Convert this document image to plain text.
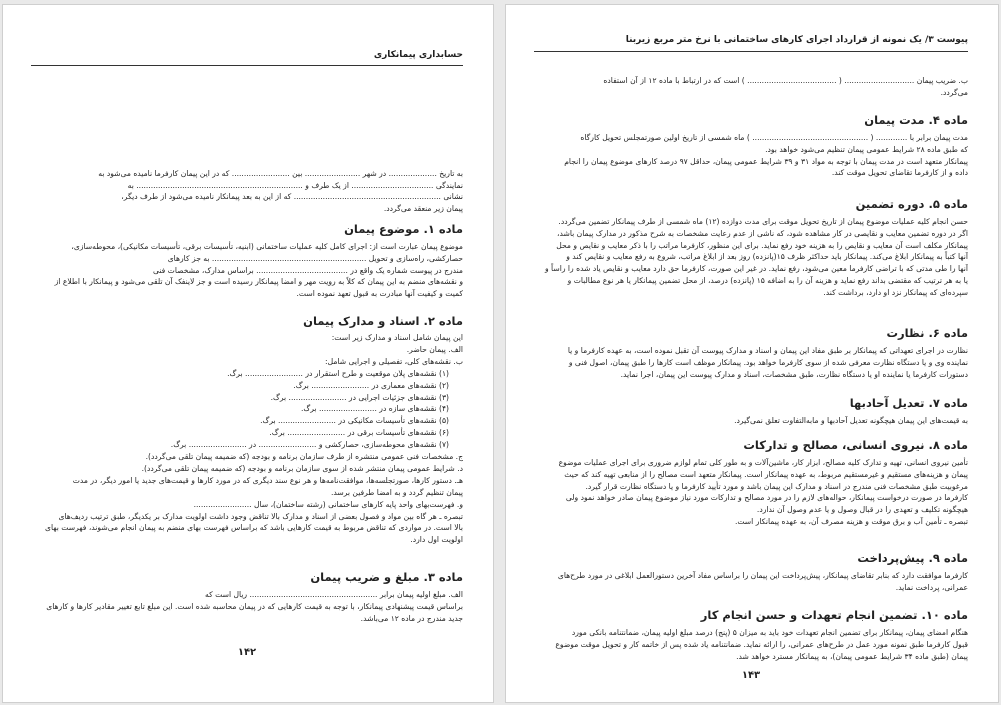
حسابداری پیمانکاری
به تاریخ .................... در شهر ....................... بین ........................ که در این پیمان کارفرما نامیده می‌شود به
نمایندگی .................................. از یک طرف و ..................................................................... به
نشانی ............................................................. که از این به بعد پیمانکار نامیده می‌شود از طرف دیگر،
پیمان زیر منعقد می‌گردد.
ماده ۱. موضوع پیمان
موضوع پیمان عبارت است از: اجرای کامل کلیه عملیات ساختمانی (ابنیه، تأسیسات برقی، تأسیسات مکانیکی)، محوطه‌سازی،
حصارکشی، راه‌سازی و تحویل ................................................................ به جز کارهای
مندرج در پیوست شماره یک واقع در ...................................... براساس مدارک، مشخصات فنی
و نقشه‌های منضم به این پیمان که کلاً به رویت مهر و امضا پیمانکار رسیده است و جز لاینفک آن تلقی می‌شود و پیمانکار با اطلاع از
کمیت و کیفیت آنها مبادرت به قبول تعهد نموده است.
ماده ۲. اسناد و مدارک پیمان
این پیمان شامل اسناد و مدارک زیر است:
الف. پیمان حاضر.
ب. نقشه‌های کلی، تفصیلی و اجرایی شامل:
(۱) نقشه‌های پلان موقعیت و طرح استقرار در ........................ برگ.
(۲) نقشه‌های معماری در ........................ برگ.
(۳) نقشه‌های جزئیات اجرایی در ........................ برگ.
(۴) نقشه‌های سازه در ........................ برگ.
(۵) نقشه‌های تأسیسات مکانیکی در ........................ برگ.
(۶) نقشه‌های تأسیسات برقی در ........................ برگ.
(۷) نقشه‌های محوطه‌سازی، حصارکشی و ........................ در ........................ برگ.
ج. مشخصات فنی عمومی منتشره از طرف سازمان برنامه و بودجه (که ضمیمه پیمان تلقی می‌گردد).
د. شرایط عمومی پیمان منتشر شده از سوی سازمان برنامه و بودجه (که ضمیمه پیمان تلقی می‌گردد).
هـ. دستور کارها، صورتجلسه‌ها، موافقت‌نامه‌ها و هر نوع سند دیگری که در مورد کارها و قیمت‌های جدید یا امور دیگر، در مدت
پیمان تنظیم گردد و به امضا طرفین برسد.
و. فهرست‌بهای واحد پایه کارهای ساختمانی (رشته ساختمان)، سال ........................
تبصره ـ هر گاه بین مواد و فصول بعضی از اسناد و مدارک بالا تناقض وجود داشت اولویت مدارک بر یکدیگر، طبق ترتیب ردیف‌های
بالا است. در مواردی که تناقض مربوط به قیمت کارهایی باشد که براساس فهرست بهای منضم به پیمان انجام می‌شوند، فهرست بهای
اولویت اول دارد.
ماده ۳. مبلغ و ضریب پیمان
الف. مبلغ اولیه پیمان برابر ..................................................... ریال است که
براساس قیمت پیشنهادی پیمانکار، با توجه به قیمت کارهایی که در پیمان محاسبه شده است. این مبلغ تابع تغییر مقادیر کارها و کارهای
جدید مندرج در ماده ۱۲ می‌باشد.
۱۴۲
پیوست ۳/ یک نمونه از قرارداد اجرای کارهای ساختمانی با نرخ متر مربع زیربنا
ب. ضریب پیمان ............................. ( ..................................... ) است که در ارتباط با ماده ۱۲ از آن استفاده
می‌گردد.
ماده ۴. مدت پیمان
مدت پیمان برابر با ............. ( ................................................ ) ماه شمسی از تاریخ اولین صورتمجلس تحویل کارگاه
که طبق ماده ۲۸ شرایط عمومی پیمان تنظیم می‌شود خواهد بود.
پیمانکار متعهد است در مدت پیمان با توجه به مواد ۳۱ و ۳۹ شرایط عمومی پیمان، حداقل ۹۷ درصد کارهای موضوع پیمان را انجام
داده و از کارفرما تقاضای تحویل موقت کند.
ماده ۵. دوره تضمین
حسن انجام کلیه عملیات موضوع پیمان از تاریخ تحویل موقت برای مدت دوازده (۱۲) ماه شمسی از طرف پیمانکار تضمین می‌گردد.
اگر در دوره تضمین معایب و نقایصی در کار مشاهده شود، که ناشی از عدم رعایت مشخصات به شرح مذکور در مدارک پیمان باشد،
پیمانکار مکلف است آن معایب و نقایص را به هزینه خود رفع نماید. برای این منظور، کارفرما مراتب را با ذکر معایب و نقایص و محل
آنها کتباً به پیمانکار ابلاغ می‌کند. پیمانکار باید حداکثر ظرف ۱۵(پانزده) روز بعد از ابلاغ مراتب، شروع به رفع معایب و نقایص کند و
آنها را طی مدتی که با تراضی کارفرما معین می‌شود، رفع نماید. در غیر این صورت، کارفرما حق دارد معایب و نقایص یاد شده را راساً و
یا به هر ترتیب که مقتضی بداند رفع نماید و هزینه آن را به اضافه ۱۵ (پانزده) درصد، از محل تضمین پیمانکار یا هر نوع مطالبات و
سپرده‌ای که پیمانکار نزد او دارد، برداشت کند.
ماده ۶. نظارت
نظارت در اجرای تعهداتی که پیمانکار بر طبق مفاد این پیمان و اسناد و مدارک پیوست آن تقبل نموده است، به عهده کارفرما و یا
نماینده وی و یا دستگاه نظارت معرفی شده از سوی کارفرما خواهد بود. پیمانکار موظف است کارها را طبق پیمان، اصول فنی و
دستورات کارفرما یا نماینده او یا دستگاه نظارت، طبق مشخصات، اسناد و مدارک پیوست این پیمان، اجرا نماید.
ماده ۷. تعدیل آحادبها
به قیمت‌های این پیمان هیچگونه تعدیل آحادبها و مابه‌التفاوت تعلق نمی‌گیرد.
ماده ۸. نیروی انسانی، مصالح و تدارکات
تأمین نیروی انسانی، تهیه و تدارک کلیه مصالح، ابزار کار، ماشین‌آلات و به طور کلی تمام لوازم ضروری برای اجرای عملیات موضوع
پیمان و هزینه‌های مستقیم و غیرمستقیم مربوط، به عهده پیمانکار است. پیمانکار متعهد است مصالح را از منابعی تهیه کند که حیث
مرغوبیت طبق مشخصات فنی مندرج در اسناد و مدارک این پیمان باشد و مورد تأیید کارفرما و یا دستگاه نظارت قرار گیرد.
کارفرما در صورت درخواست پیمانکار، حواله‌های لازم را در مورد مصالح و تدارکات مورد نیاز موضوع پیمان صادر خواهد نمود ولی
هیچگونه تکلیف و تعهدی را در قبال وصول و یا عدم وصول آن ندارد.
تبصره ـ تأمین آب و برق موقت و هزینه مصرف آن، به عهده پیمانکار است.
ماده ۹. پیش‌پرداخت
کارفرما موافقت دارد که بنابر تقاضای پیمانکار، پیش‌پرداخت این پیمان را براساس مفاد آخرین دستورالعمل ابلاغی در مورد طرح‌های
عمرانی، پرداخت نماید.
ماده ۱۰. تضمین انجام تعهدات و حسن انجام کار
هنگام امضای پیمان، پیمانکار برای تضمین انجام تعهدات خود باید به میزان ۵ (پنج) درصد مبلغ اولیه پیمان، ضمانتنامه بانکی مورد
قبول کارفرما طبق نمونه مورد عمل در طرح‌های عمرانی، را ارائه نماید. ضمانتنامه یاد شده پس از خاتمه کار و تحویل موقت موضوع
پیمان (طبق ماده ۳۴ شرایط عمومی پیمان)، به پیمانکار مسترد خواهد شد.
۱۴۳
